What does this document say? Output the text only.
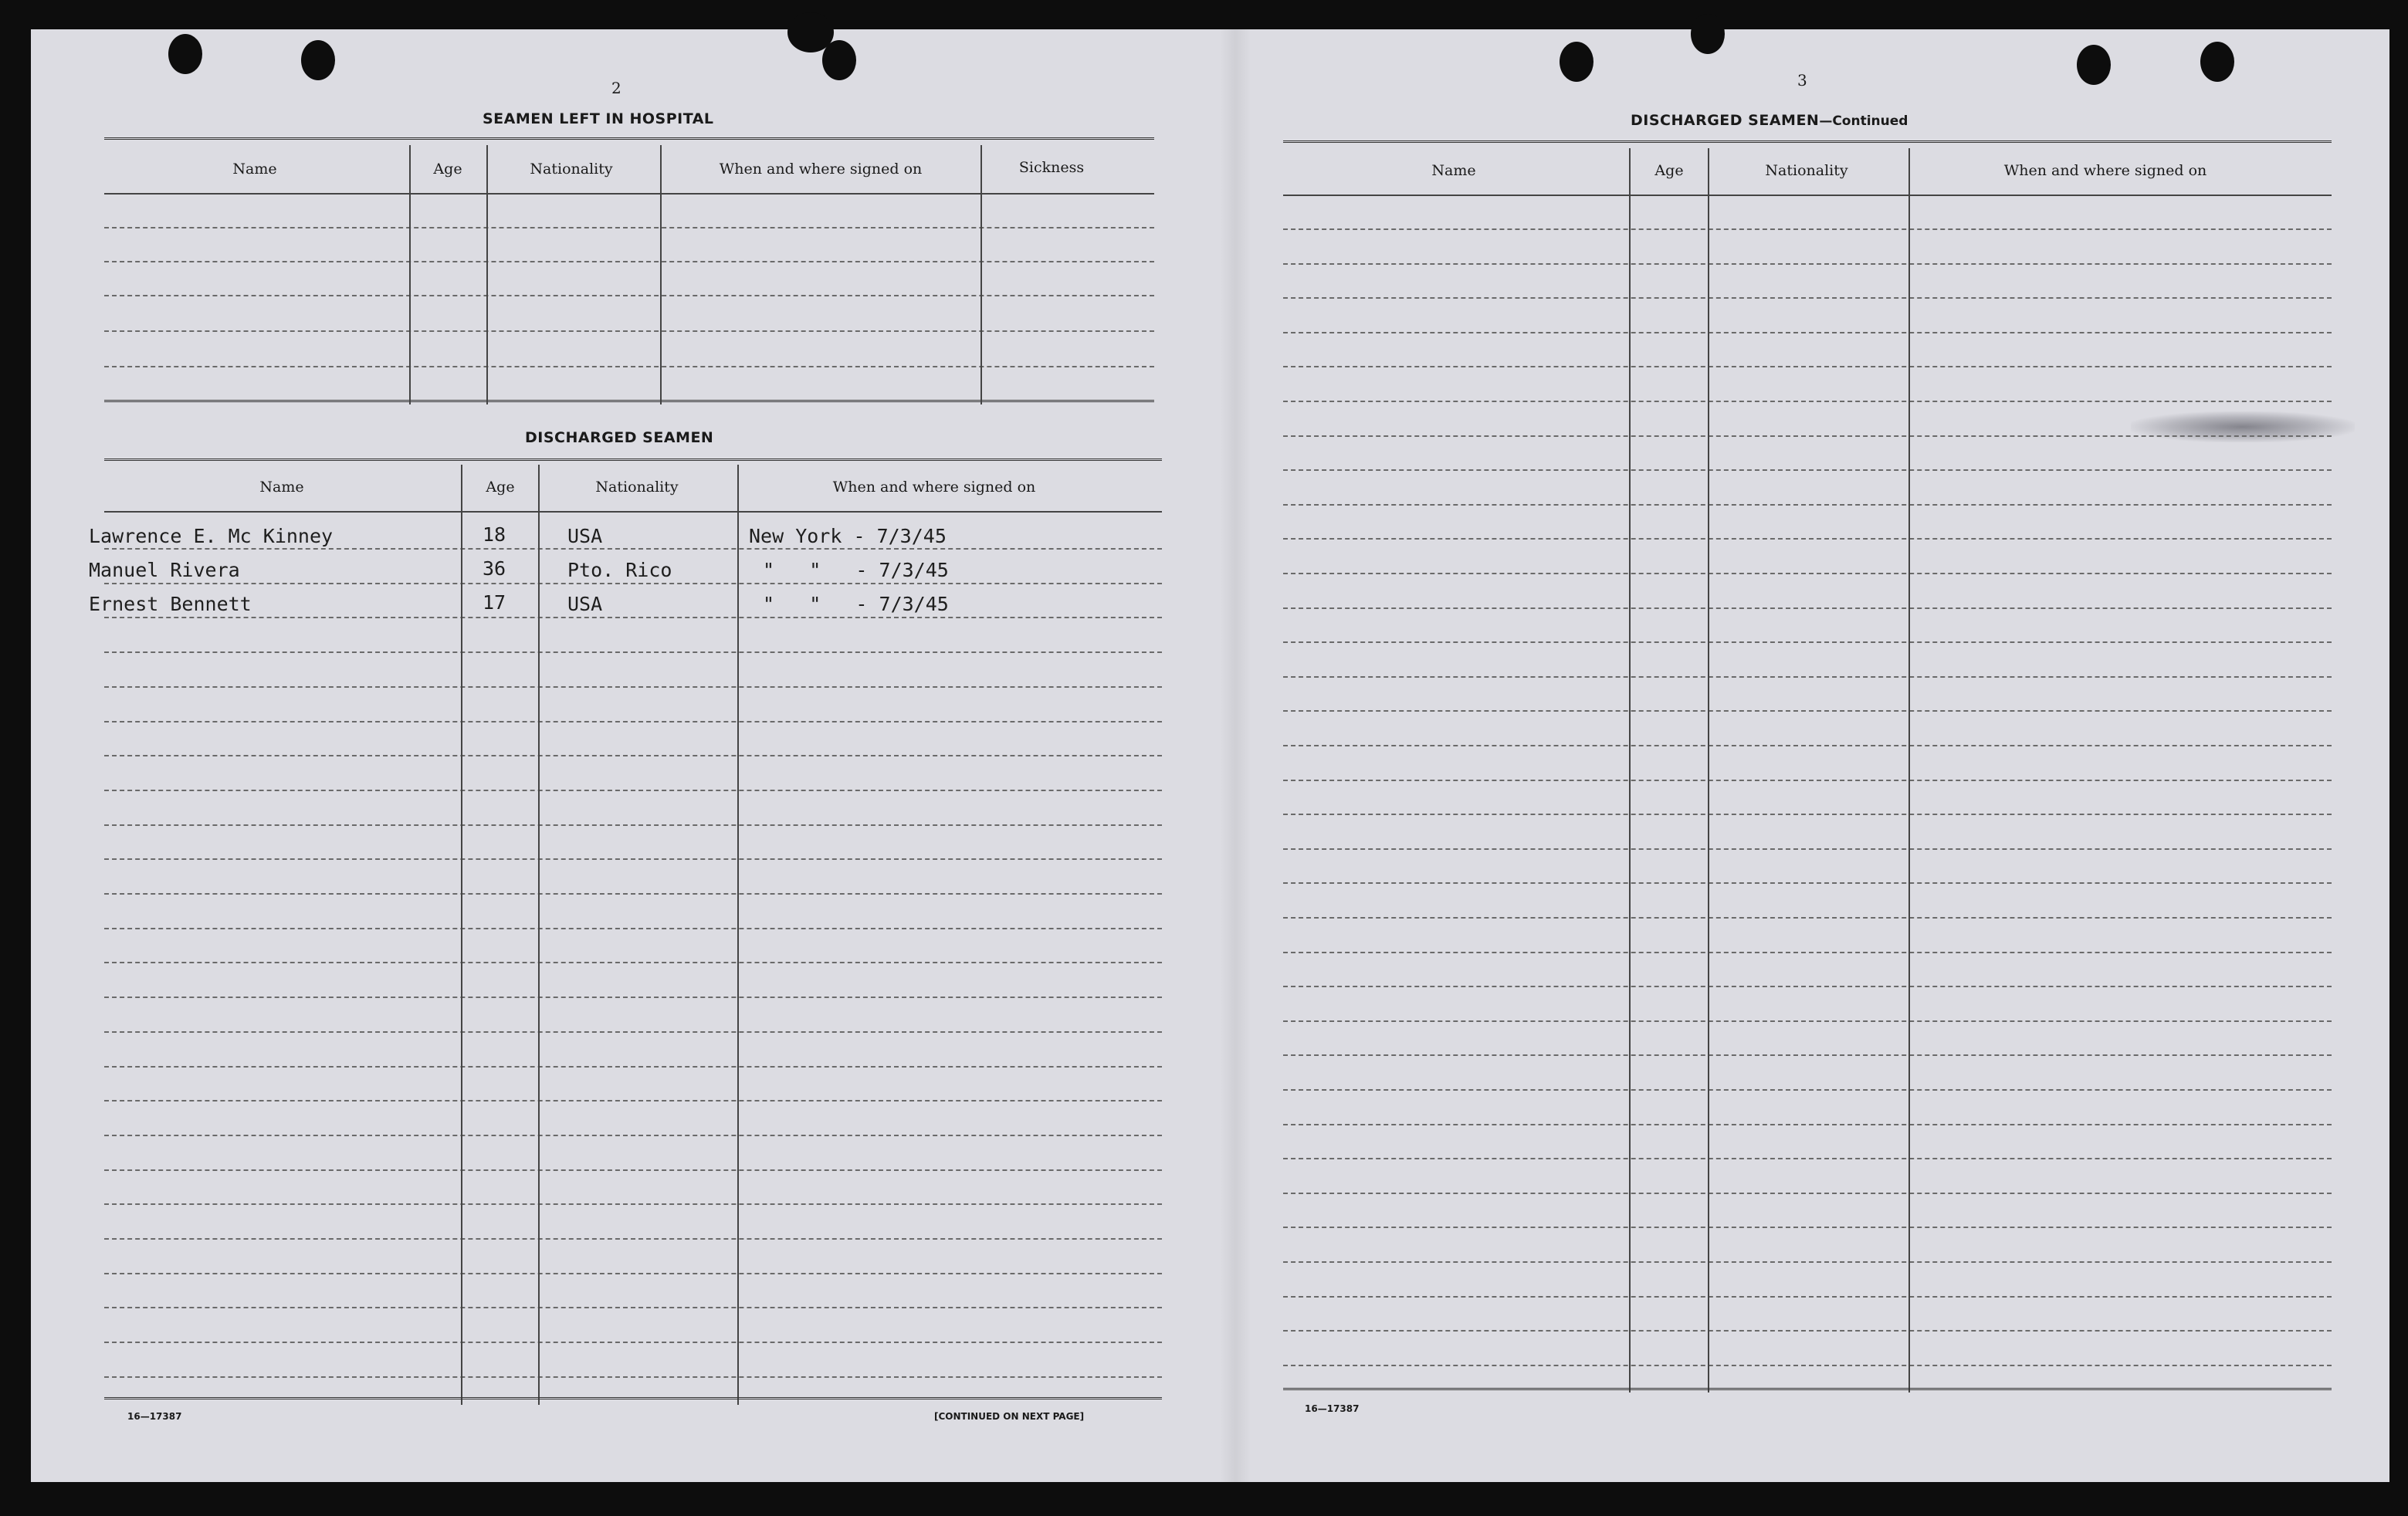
2
SEAMEN LEFT IN HOSPITAL
Name	Age	Nationality	When and where signed on	Sickness
DISCHARGED SEAMEN
Name	Age	Nationality	When and where signed on
Lawrence E. Mc Kinney	18	USA	New York - 7/3/45
Manuel Rivera	36	Pto. Rico	"   "   - 7/3/45
Ernest Bennett	17	USA	"   "   - 7/3/45
16—17387	[CONTINUED ON NEXT PAGE]
3
DISCHARGED SEAMEN—Continued
Name	Age	Nationality	When and where signed on
16—17387
